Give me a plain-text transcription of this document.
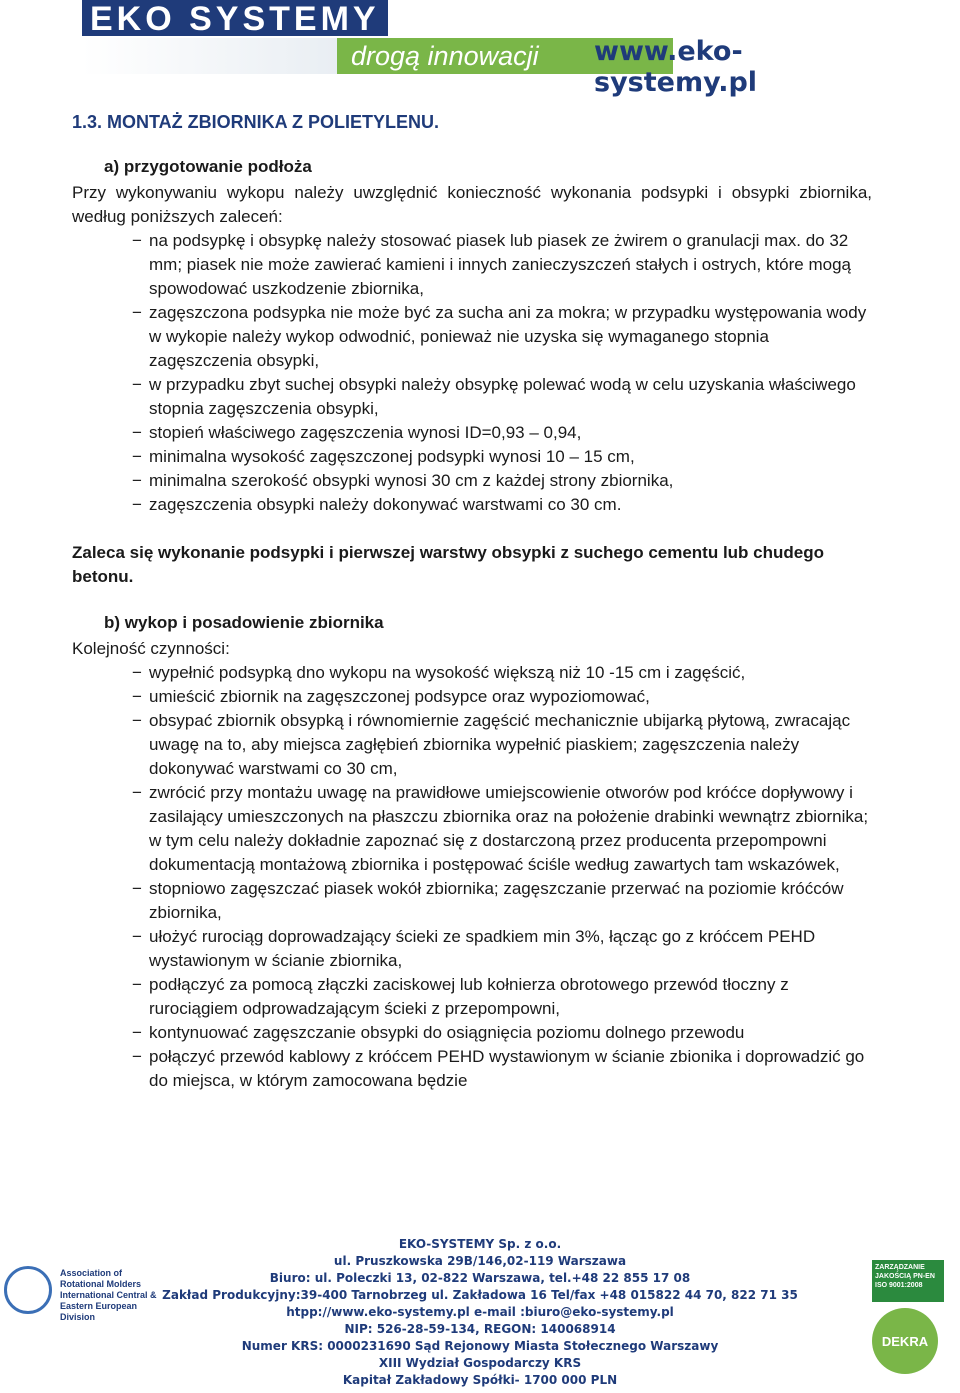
EKO SYSTEMY
drogą innowacji	www.eko-systemy.pl
1.3. MONTAŻ ZBIORNIKA Z POLIETYLENU.
a) przygotowanie podłoża
Przy wykonywaniu wykopu należy uwzględnić konieczność wykonania podsypki i obsypki zbiornika, według poniższych zaleceń:
− na podsypkę i obsypkę należy stosować piasek lub piasek ze żwirem o granulacji max. do 32 mm; piasek nie może zawierać kamieni i innych zanieczyszczeń stałych i ostrych, które mogą spowodować uszkodzenie zbiornika,
− zagęszczona podsypka nie może być za sucha ani za mokra; w przypadku występowania wody w wykopie należy wykop odwodnić, ponieważ nie uzyska się wymaganego stopnia zagęszczenia obsypki,
− w przypadku zbyt suchej obsypki należy obsypkę polewać wodą w celu uzyskania właściwego stopnia zagęszczenia obsypki,
− stopień właściwego zagęszczenia wynosi ID=0,93 – 0,94,
− minimalna wysokość zagęszczonej podsypki wynosi 10 – 15 cm,
− minimalna szerokość obsypki wynosi 30 cm z każdej strony zbiornika,
− zagęszczenia obsypki należy dokonywać warstwami co 30 cm.
Zaleca się wykonanie podsypki i pierwszej warstwy obsypki z suchego cementu lub chudego betonu.
b) wykop i posadowienie zbiornika
Kolejność czynności:
− wypełnić podsypką dno wykopu na wysokość większą niż 10 -15 cm i zagęścić,
− umieścić zbiornik na zagęszczonej podsypce oraz wypoziomować,
− obsypać zbiornik obsypką i równomiernie zagęścić mechanicznie ubijarką płytową, zwracając uwagę na to, aby miejsca zagłębień zbiornika wypełnić piaskiem; zagęszczenia należy dokonywać warstwami co 30 cm,
− zwrócić przy montażu uwagę na prawidłowe umiejscowienie otworów pod króćce dopływowy i zasilający umieszczonych na płaszczu zbiornika oraz na położenie drabinki wewnątrz zbiornika; w tym celu należy dokładnie zapoznać się z dostarczoną przez producenta przepompowni dokumentacją montażową zbiornika i postępować ściśle według zawartych tam wskazówek,
− stopniowo zagęszczać piasek wokół zbiornika; zagęszczanie przerwać na poziomie króćców zbiornika,
− ułożyć rurociąg doprowadzający ścieki ze spadkiem min 3%, łącząc go z króćcem PEHD wystawionym w ścianie zbiornika,
− podłączyć za pomocą złączki zaciskowej lub kołnierza obrotowego przewód tłoczny z rurociągiem odprowadzającym ścieki z przepompowni,
− kontynuować zagęszczanie obsypki do osiągnięcia poziomu dolnego przewodu
− połączyć przewód kablowy z króćcem PEHD wystawionym w ścianie zbionika i doprowadzić go do miejsca, w którym zamocowana będzie
Association of Rotational Molders International Central & Eastern European Division
EKO-SYSTEMY Sp. z o.o.
ul. Pruszkowska 29B/146,02-119 Warszawa
Biuro: ul. Poleczki 13, 02-822 Warszawa, tel.+48 22 855 17 08
Zakład Produkcyjny:39-400 Tarnobrzeg ul. Zakładowa 16 Tel/fax +48 015822 44 70, 822 71 35
htpp://www.eko-systemy.pl e-mail :biuro@eko-systemy.pl
NIP: 526-28-59-134, REGON: 140068914
Numer KRS: 0000231690 Sąd Rejonowy Miasta Stołecznego Warszawy
XIII Wydział Gospodarczy KRS
Kapitał Zakładowy Spółki- 1700 000 PLN
ZARZĄDZANIE JAKOŚCIĄ PN-EN ISO 9001:2008
DEKRA
